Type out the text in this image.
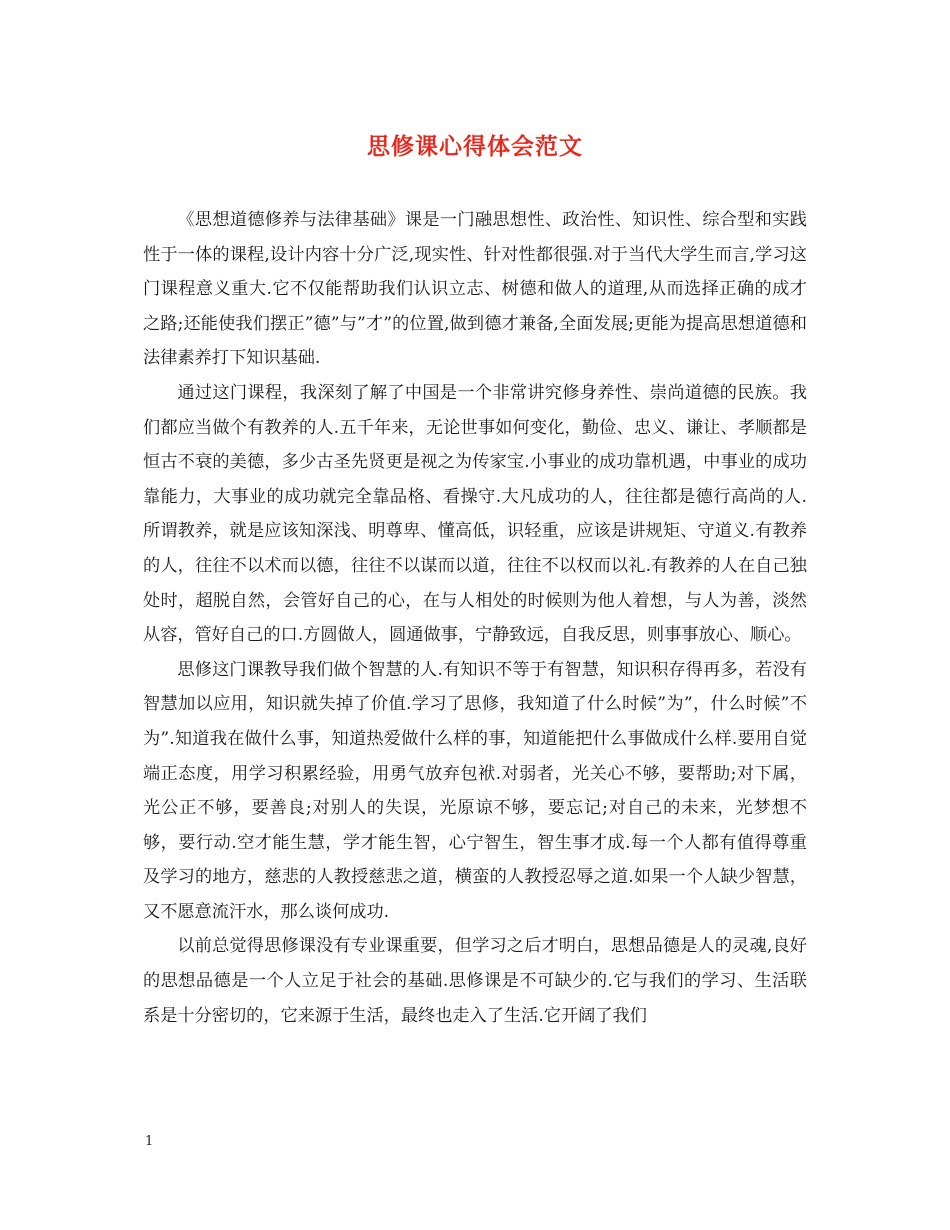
思修课心得体会范文

《思想道德修养与法律基础》课是一门融思想性、政治性、知识性、综合型和实践性于一体的课程,设计内容十分广泛,现实性、针对性都很强.对于当代大学生而言,学习这门课程意义重大.它不仅能帮助我们认识立志、树德和做人的道理,从而选择正确的成才之路;还能使我们摆正”德”与”才”的位置,做到德才兼备,全面发展;更能为提高思想道德和法律素养打下知识基础.

通过这门课程，我深刻了解了中国是一个非常讲究修身养性、崇尚道德的民族。我们都应当做个有教养的人.五千年来，无论世事如何变化，勤俭、忠义、谦让、孝顺都是恒古不衰的美德，多少古圣先贤更是视之为传家宝.小事业的成功靠机遇，中事业的成功靠能力，大事业的成功就完全靠品格、看操守.大凡成功的人，往往都是德行高尚的人.所谓教养，就是应该知深浅、明尊卑、懂高低，识轻重，应该是讲规矩、守道义.有教养的人，往往不以术而以德，往往不以谋而以道，往往不以权而以礼.有教养的人在自己独处时，超脱自然，会管好自己的心，在与人相处的时候则为他人着想，与人为善，淡然从容，管好自己的口.方圆做人，圆通做事，宁静致远，自我反思，则事事放心、顺心。

思修这门课教导我们做个智慧的人.有知识不等于有智慧，知识积存得再多，若没有智慧加以应用，知识就失掉了价值.学习了思修，我知道了什么时候”为”，什么时候”不为”.知道我在做什么事，知道热爱做什么样的事，知道能把什么事做成什么样.要用自觉端正态度，用学习积累经验，用勇气放弃包袱.对弱者，光关心不够，要帮助;对下属，光公正不够，要善良;对别人的失误，光原谅不够，要忘记;对自己的未来，光梦想不够，要行动.空才能生慧，学才能生智，心宁智生，智生事才成.每一个人都有值得尊重及学习的地方，慈悲的人教授慈悲之道，横蛮的人教授忍辱之道.如果一个人缺少智慧，又不愿意流汗水，那么谈何成功.

以前总觉得思修课没有专业课重要，但学习之后才明白，思想品德是人的灵魂,良好的思想品德是一个人立足于社会的基础.思修课是不可缺少的.它与我们的学习、生活联系是十分密切的，它来源于生活，最终也走入了生活.它开阔了我们

1
